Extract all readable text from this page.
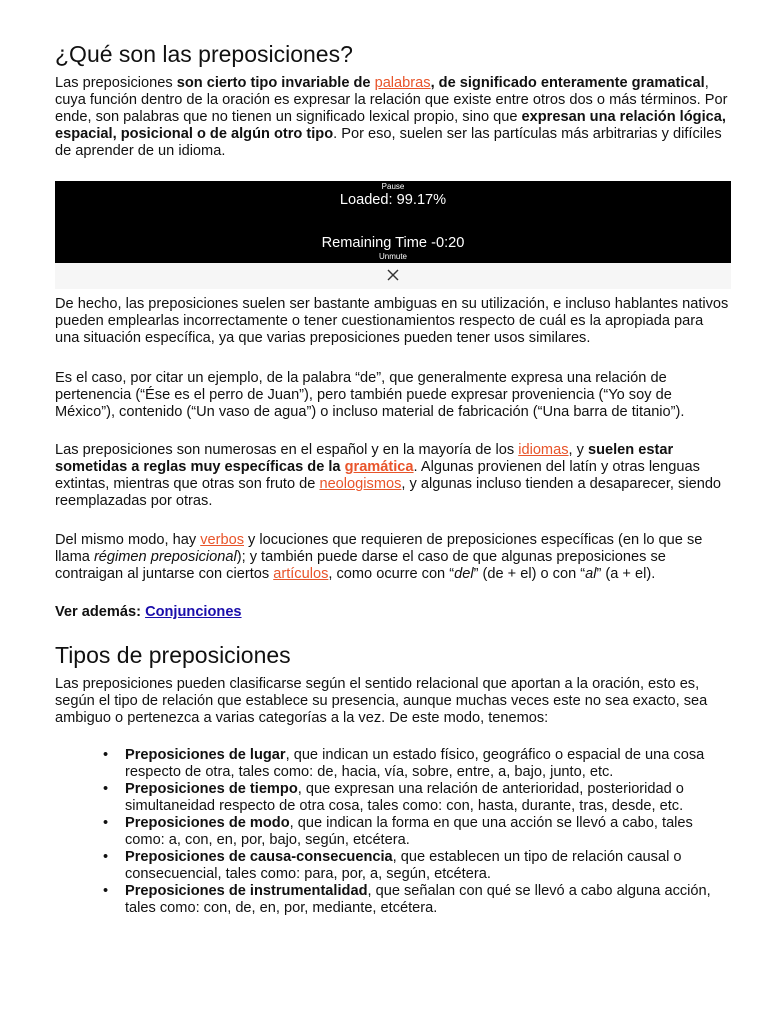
¿Qué son las preposiciones?

Las preposiciones son cierto tipo invariable de palabras, de significado enteramente gramatical, cuya función dentro de la oración es expresar la relación que existe entre otros dos o más términos. Por ende, son palabras que no tienen un significado lexical propio, sino que expresan una relación lógica, espacial, posicional o de algún otro tipo. Por eso, suelen ser las partículas más arbitrarias y difíciles de aprender de un idioma.

Pause
Loaded: 99.17%
Remaining Time -0:20
Unmute

De hecho, las preposiciones suelen ser bastante ambiguas en su utilización, e incluso hablantes nativos pueden emplearlas incorrectamente o tener cuestionamientos respecto de cuál es la apropiada para una situación específica, ya que varias preposiciones pueden tener usos similares.

Es el caso, por citar un ejemplo, de la palabra “de”, que generalmente expresa una relación de pertenencia (“Ése es el perro de Juan”), pero también puede expresar proveniencia (“Yo soy de México”), contenido (“Un vaso de agua”) o incluso material de fabricación (“Una barra de titanio”).

Las preposiciones son numerosas en el español y en la mayoría de los idiomas, y suelen estar sometidas a reglas muy específicas de la gramática. Algunas provienen del latín y otras lenguas extintas, mientras que otras son fruto de neologismos, y algunas incluso tienden a desaparecer, siendo reemplazadas por otras.

Del mismo modo, hay verbos y locuciones que requieren de preposiciones específicas (en lo que se llama régimen preposicional); y también puede darse el caso de que algunas preposiciones se contraigan al juntarse con ciertos artículos, como ocurre con “del” (de + el) o con “al” (a + el).

Ver además: Conjunciones

Tipos de preposiciones

Las preposiciones pueden clasificarse según el sentido relacional que aportan a la oración, esto es, según el tipo de relación que establece su presencia, aunque muchas veces este no sea exacto, sea ambiguo o pertenezca a varias categorías a la vez. De este modo, tenemos:

• Preposiciones de lugar, que indican un estado físico, geográfico o espacial de una cosa respecto de otra, tales como: de, hacia, vía, sobre, entre, a, bajo, junto, etc.
• Preposiciones de tiempo, que expresan una relación de anterioridad, posterioridad o simultaneidad respecto de otra cosa, tales como: con, hasta, durante, tras, desde, etc.
• Preposiciones de modo, que indican la forma en que una acción se llevó a cabo, tales como: a, con, en, por, bajo, según, etcétera.
• Preposiciones de causa-consecuencia, que establecen un tipo de relación causal o consecuencial, tales como: para, por, a, según, etcétera.
• Preposiciones de instrumentalidad, que señalan con qué se llevó a cabo alguna acción, tales como: con, de, en, por, mediante, etcétera.
